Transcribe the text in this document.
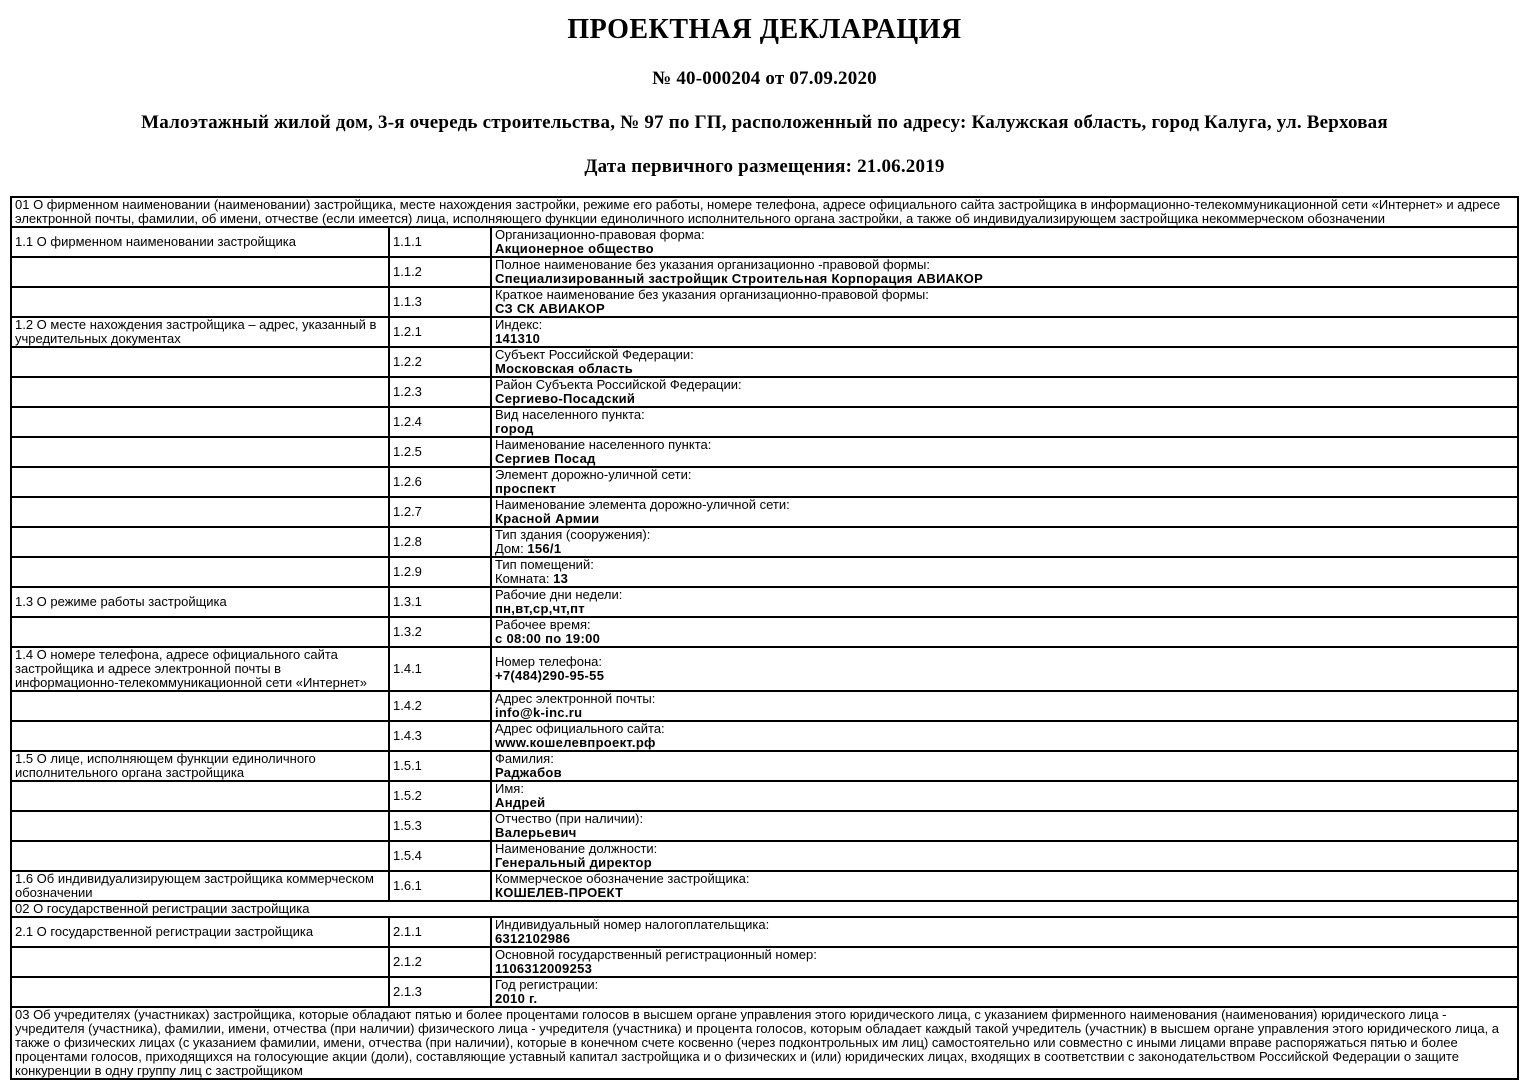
ПРОЕКТНАЯ ДЕКЛАРАЦИЯ
№ 40-000204 от 07.09.2020
Малоэтажный жилой дом, 3-я очередь строительства, № 97 по ГП, расположенный по адресу: Калужская область, город Калуга, ул. Верховая
Дата первичного размещения: 21.06.2019
01 О фирменном наименовании (наименовании) застройщика, месте нахождения застройки, режиме его работы, номере телефона, адресе официального сайта застройщика в информационно-телекоммуникационной сети «Интернет» и адресе электронной почты, фамилии, об имени, отчестве (если имеется) лица, исполняющего функции единоличного исполнительного органа застройки, а также об индивидуализирующем застройщика некоммерческом обозначении		
1.1 О фирменном наименовании застройщика	1.1.1	Организационно-правовая форма:
Акционерное общество

	1.1.2	Полное наименование без указания организационно -правовой формы:
Специализированный застройщик Строительная Корпорация АВИАКОР

	1.1.3	Краткое наименование без указания организационно-правовой формы:
СЗ СК АВИАКОР

1.2 О месте нахождения застройщика – адрес, указанный в учредительных документах	1.2.1	Индекс:
141310

	1.2.2	Субъект Российской Федерации:
Московская область

	1.2.3	Район Субъекта Российской Федерации:
Сергиево-Посадский

	1.2.4	Вид населенного пункта:
город

	1.2.5	Наименование населенного пункта:
Сергиев Посад

	1.2.6	Элемент дорожно-уличной сети:
проспект

	1.2.7	Наименование элемента дорожно-уличной сети:
Красной Армии

	1.2.8	Тип здания (сооружения):
Дом: 156/1

	1.2.9	Тип помещений:
Комната: 13

1.3 О режиме работы застройщика	1.3.1	Рабочие дни недели:
пн,вт,ср,чт,пт

	1.3.2	Рабочее время:
с 08:00 по 19:00

1.4 О номере телефона, адресе официального сайта застройщика и адресе электронной почты в информационно-телекоммуникационной сети «Интернет»	1.4.1	Номер телефона:
+7(484)290-95-55

	1.4.2	Адрес электронной почты:
info@k-inc.ru

	1.4.3	Адрес официального сайта:
www.кошелевпроект.рф

1.5 О лице, исполняющем функции единоличного исполнительного органа застройщика	1.5.1	Фамилия:
Раджабов

	1.5.2	Имя:
Андрей

	1.5.3	Отчество (при наличии):
Валерьевич

	1.5.4	Наименование должности:
Генеральный директор

1.6 Об индивидуализирующем застройщика коммерческом обозначении	1.6.1	Коммерческое обозначение застройщика:
КОШЕЛЕВ-ПРОЕКТ

02 О государственной регистрации застройщика		
2.1 О государственной регистрации застройщика	2.1.1	Индивидуальный номер налогоплательщика:
6312102986

	2.1.2	Основной государственный регистрационный номер:
1106312009253

	2.1.3	Год регистрации:
2010 г.

03 Об учредителях (участниках) застройщика, которые обладают пятью и более процентами голосов в высшем органе управления этого юридического лица, с указанием фирменного наименования (наименования) юридического лица - учредителя (участника), фамилии, имени, отчества (при наличии) физического лица - учредителя (участника) и процента голосов, которым обладает каждый такой учредитель (участник) в высшем органе управления этого юридического лица, а также о физических лицах (с указанием фамилии, имени, отчества (при наличии), которые в конечном счете косвенно (через подконтрольных им лиц) самостоятельно или совместно с иными лицами вправе распоряжаться пятью и более процентами голосов, приходящихся на голосующие акции (доли), составляющие уставный капитал застройщика и о физических и (или) юридических лицах, входящих в соответствии с законодательством Российской Федерации о защите конкуренции в одну группу лиц с застройщиком		
